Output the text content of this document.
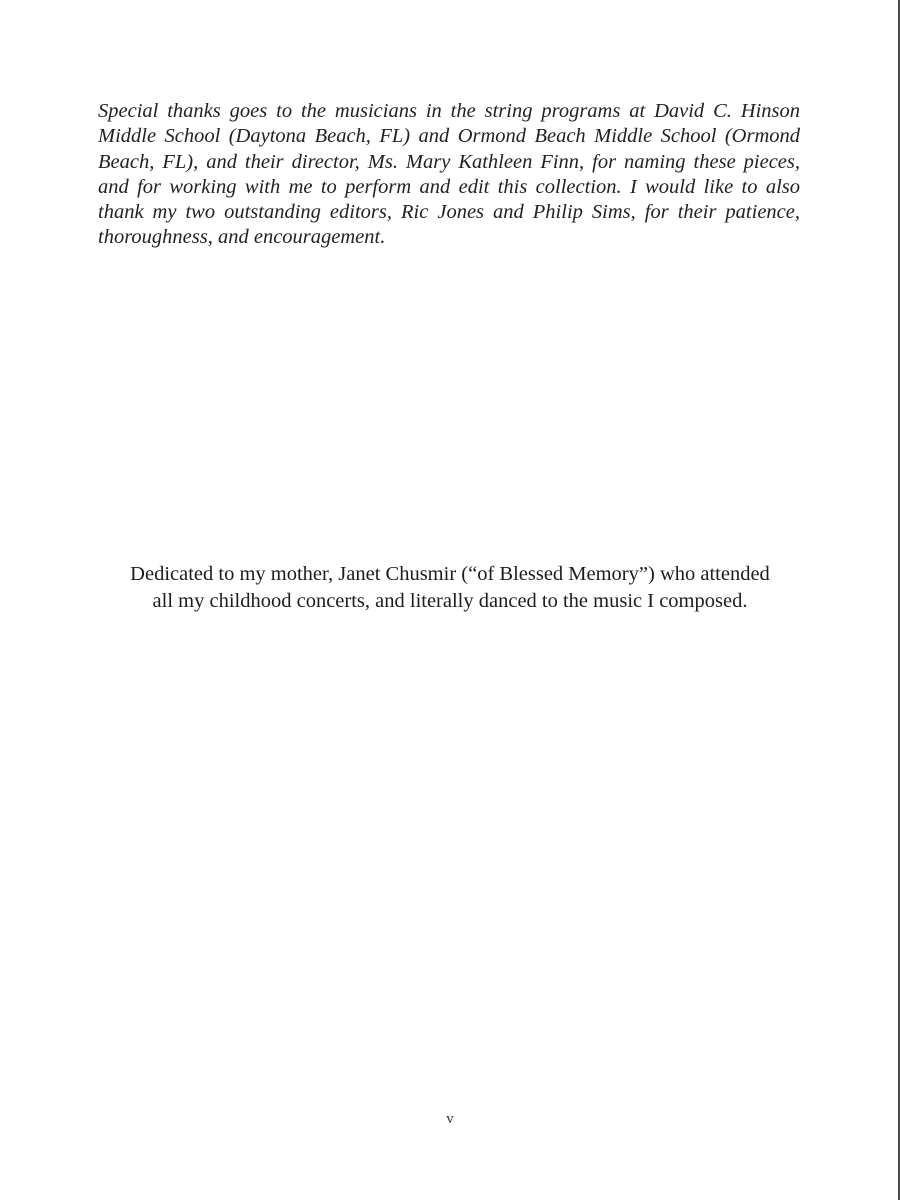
Special thanks goes to the musicians in the string programs at David C. Hinson Middle School (Daytona Beach, FL) and Ormond Beach Middle School (Ormond Beach, FL), and their director, Ms. Mary Kathleen Finn, for naming these pieces, and for working with me to perform and edit this collection. I would like to also thank my two outstanding editors, Ric Jones and Philip Sims, for their patience, thoroughness, and encouragement.

Dedicated to my mother, Janet Chusmir (“of Blessed Memory”) who attended
all my childhood concerts, and literally danced to the music I composed.

v
